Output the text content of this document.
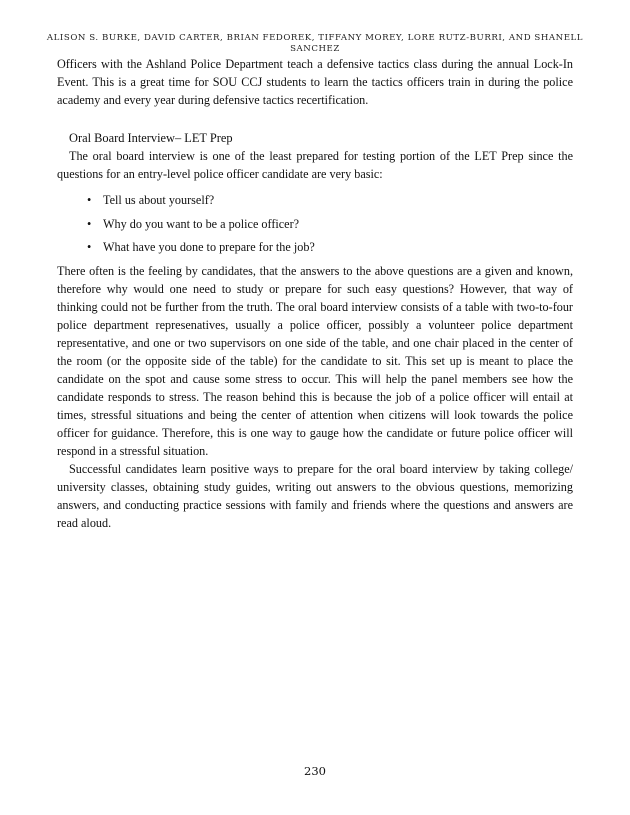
ALISON S. BURKE, DAVID CARTER, BRIAN FEDOREK, TIFFANY MOREY, LORE RUTZ-BURRI, AND SHANELL SANCHEZ

Officers with the Ashland Police Department teach a defensive tactics class during the annual Lock-In Event. This is a great time for SOU CCJ students to learn the tactics officers train in during the police academy and every year during defensive tactics recertification.

Oral Board Interview– LET Prep

The oral board interview is one of the least prepared for testing portion of the LET Prep since the questions for an entry-level police officer candidate are very basic:

• Tell us about yourself?
• Why do you want to be a police officer?
• What have you done to prepare for the job?

There often is the feeling by candidates, that the answers to the above questions are a given and known, therefore why would one need to study or prepare for such easy questions? However, that way of thinking could not be further from the truth. The oral board interview consists of a table with two-to-four police department represenatives, usually a police officer, possibly a volunteer police department representative, and one or two supervisors on one side of the table, and one chair placed in the center of the room (or the opposite side of the table) for the candidate to sit. This set up is meant to place the candidate on the spot and cause some stress to occur. This will help the panel members see how the candidate responds to stress. The reason behind this is because the job of a police officer will entail at times, stressful situations and being the center of attention when citizens will look towards the police officer for guidance. Therefore, this is one way to gauge how the candidate or future police officer will respond in a stressful situation.

Successful candidates learn positive ways to prepare for the oral board interview by taking college/ university classes, obtaining study guides, writing out answers to the obvious questions, memorizing answers, and conducting practice sessions with family and friends where the questions and answers are read aloud.

230
